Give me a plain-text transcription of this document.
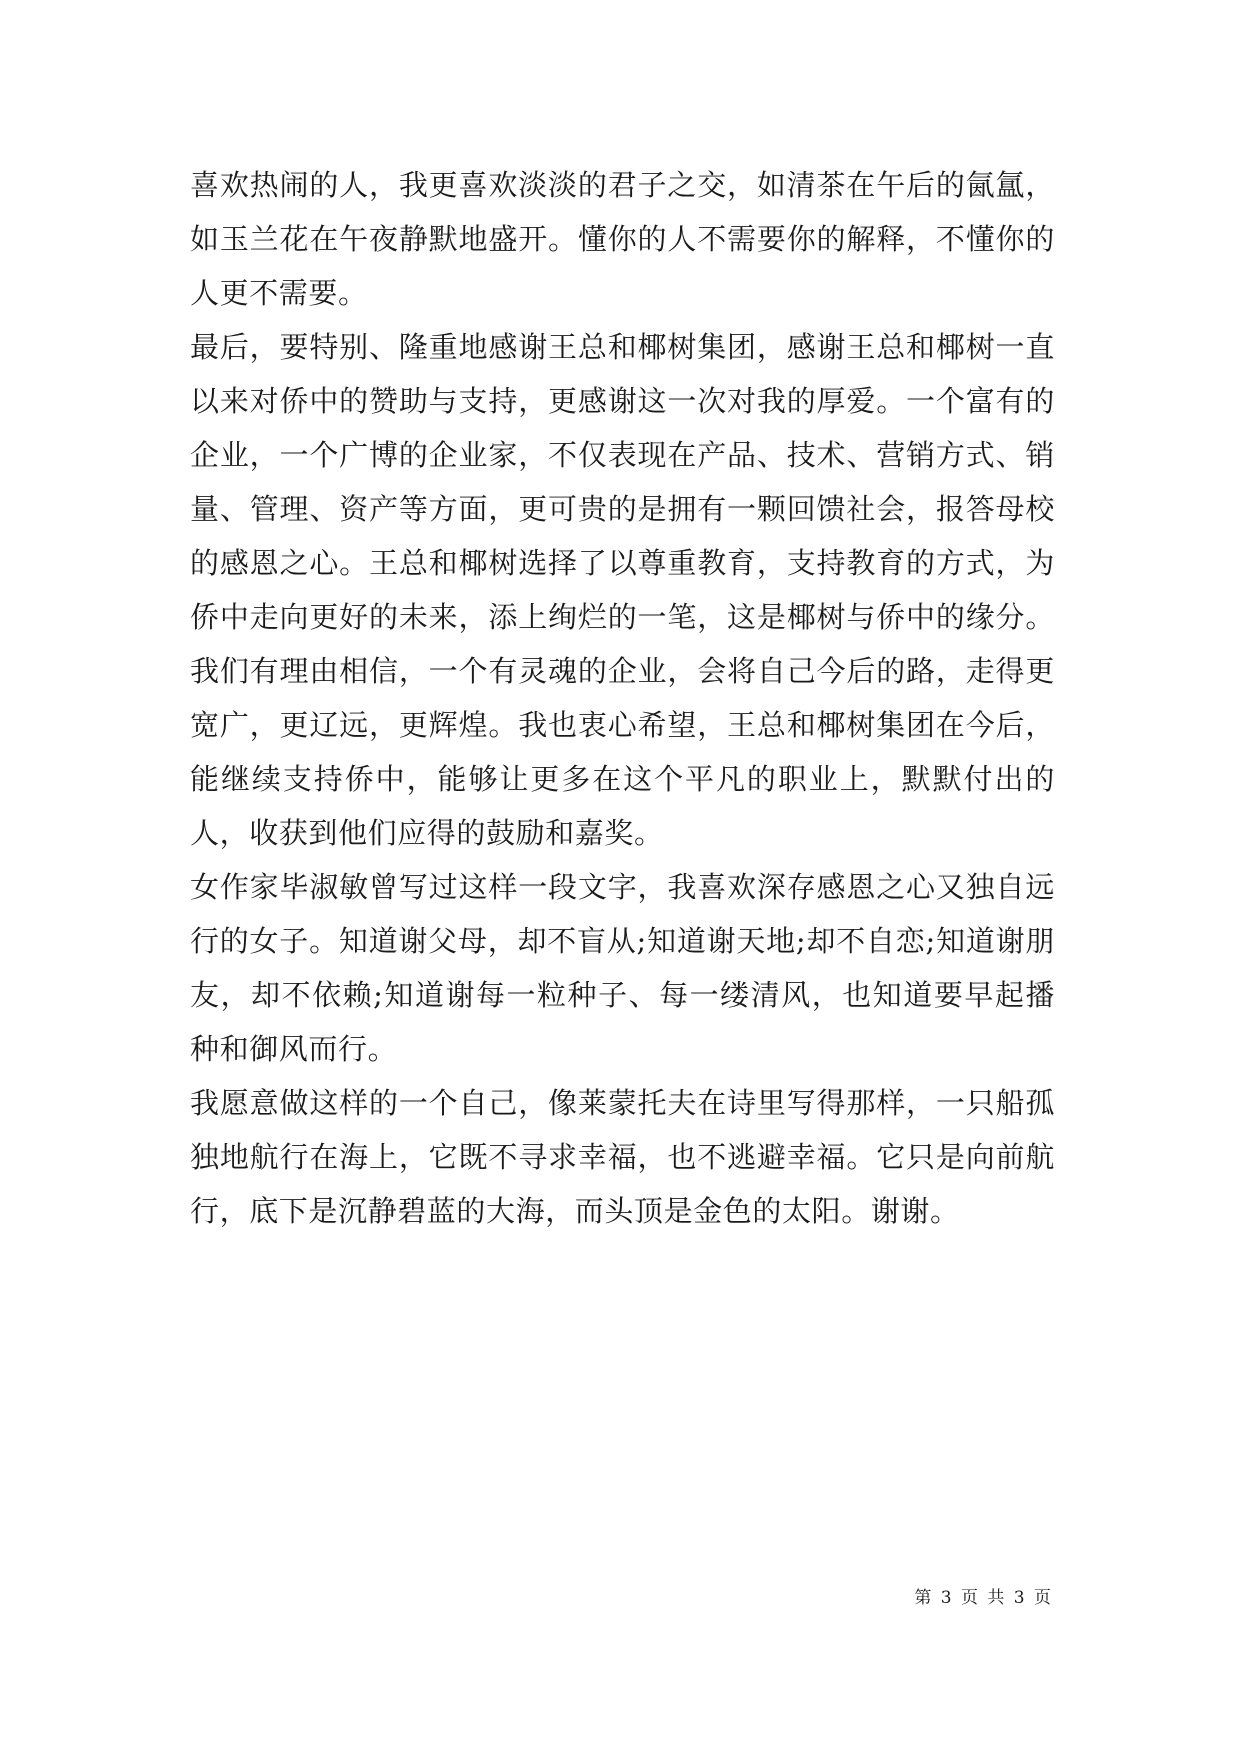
喜欢热闹的人，我更喜欢淡淡的君子之交，如清茶在午后的氤氲，如玉兰花在午夜静默地盛开。懂你的人不需要你的解释，不懂你的人更不需要。

最后，要特别、隆重地感谢王总和椰树集团，感谢王总和椰树一直以来对侨中的赞助与支持，更感谢这一次对我的厚爱。一个富有的企业，一个广博的企业家，不仅表现在产品、技术、营销方式、销量、管理、资产等方面，更可贵的是拥有一颗回馈社会，报答母校的感恩之心。王总和椰树选择了以尊重教育，支持教育的方式，为侨中走向更好的未来，添上绚烂的一笔，这是椰树与侨中的缘分。我们有理由相信，一个有灵魂的企业，会将自己今后的路，走得更宽广，更辽远，更辉煌。我也衷心希望，王总和椰树集团在今后，能继续支持侨中，能够让更多在这个平凡的职业上，默默付出的人，收获到他们应得的鼓励和嘉奖。

女作家毕淑敏曾写过这样一段文字，我喜欢深存感恩之心又独自远行的女子。知道谢父母，却不盲从;知道谢天地;却不自恋;知道谢朋友，却不依赖;知道谢每一粒种子、每一缕清风，也知道要早起播种和御风而行。

我愿意做这样的一个自己，像莱蒙托夫在诗里写得那样，一只船孤独地航行在海上，它既不寻求幸福，也不逃避幸福。它只是向前航行，底下是沉静碧蓝的大海，而头顶是金色的太阳。谢谢。

第 3 页 共 3 页
